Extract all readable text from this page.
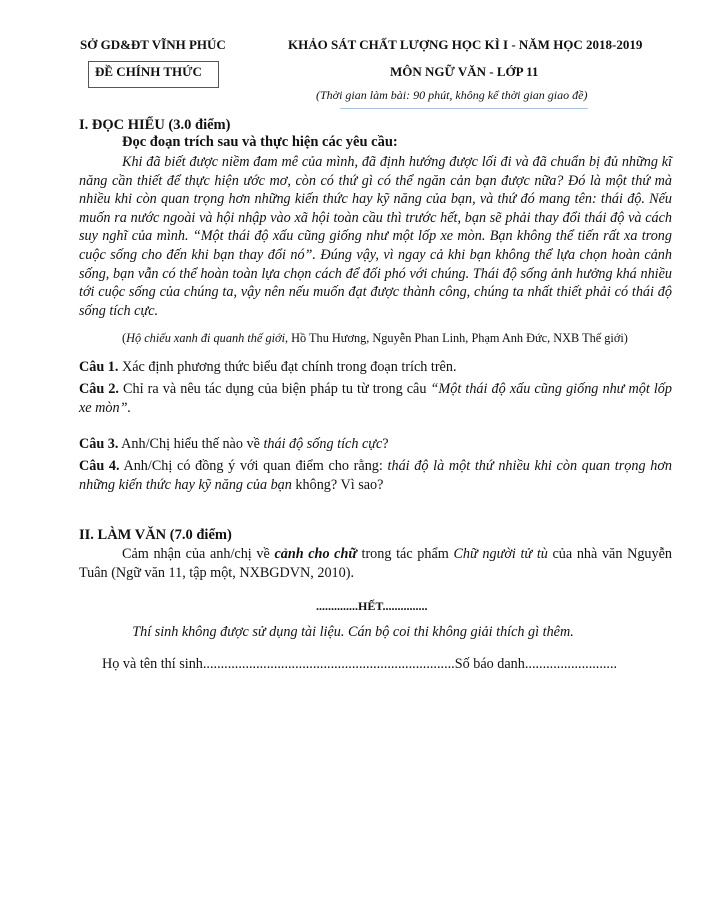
SỞ GD&ĐT VĨNH PHÚC	KHẢO SÁT CHẤT LƯỢNG HỌC KÌ I - NĂM HỌC 2018-2019
ĐỀ CHÍNH THỨC	MÔN NGỮ VĂN - LỚP 11
(Thời gian làm bài: 90 phút, không kể thời gian giao đề)
I. ĐỌC HIỂU (3.0 điểm)
Đọc đoạn trích sau và thực hiện các yêu cầu:
Khi đã biết được niềm đam mê của mình, đã định hướng được lối đi và đã chuẩn bị đủ những kĩ năng cần thiết để thực hiện ước mơ, còn có thứ gì có thể ngăn cản bạn được nữa? Đó là một thứ mà nhiều khi còn quan trọng hơn những kiến thức hay kỹ năng của bạn, và thứ đó mang tên: thái độ. Nếu muốn ra nước ngoài và hội nhập vào xã hội toàn cầu thì trước hết, bạn sẽ phải thay đổi thái độ và cách suy nghĩ của mình. “Một thái độ xấu cũng giống như một lốp xe mòn. Bạn không thể tiến rất xa trong cuộc sống cho đến khi bạn thay đổi nó”. Đúng vậy, vì ngay cả khi bạn không thể lựa chọn hoàn cảnh sống, bạn vẫn có thể hoàn toàn lựa chọn cách để đối phó với chúng. Thái độ sống ảnh hưởng khá nhiều tới cuộc sống của chúng ta, vậy nên nếu muốn đạt được thành công, chúng ta nhất thiết phải có thái độ sống tích cực.
(Hộ chiếu xanh đi quanh thế giới, Hồ Thu Hương, Nguyễn Phan Linh, Phạm Anh Đức, NXB Thế giới)
Câu 1. Xác định phương thức biểu đạt chính trong đoạn trích trên.
Câu 2. Chỉ ra và nêu tác dụng của biện pháp tu từ trong câu “Một thái độ xấu cũng giống như một lốp xe mòn”.
Câu 3. Anh/Chị hiểu thế nào về thái độ sống tích cực?
Câu 4. Anh/Chị có đồng ý với quan điểm cho rằng: thái độ là một thứ nhiều khi còn quan trọng hơn những kiến thức hay kỹ năng của bạn không? Vì sao?
II. LÀM VĂN (7.0 điểm)
Cảm nhận của anh/chị về cảnh cho chữ trong tác phẩm Chữ người tử tù của nhà văn Nguyễn Tuân (Ngữ văn 11, tập một, NXBGDVN, 2010).
..............HẾT...............
Thí sinh không được sử dụng tài liệu. Cán bộ coi thi không giải thích gì thêm.
Họ và tên thí sinh.......................................................................Số báo danh..........................
